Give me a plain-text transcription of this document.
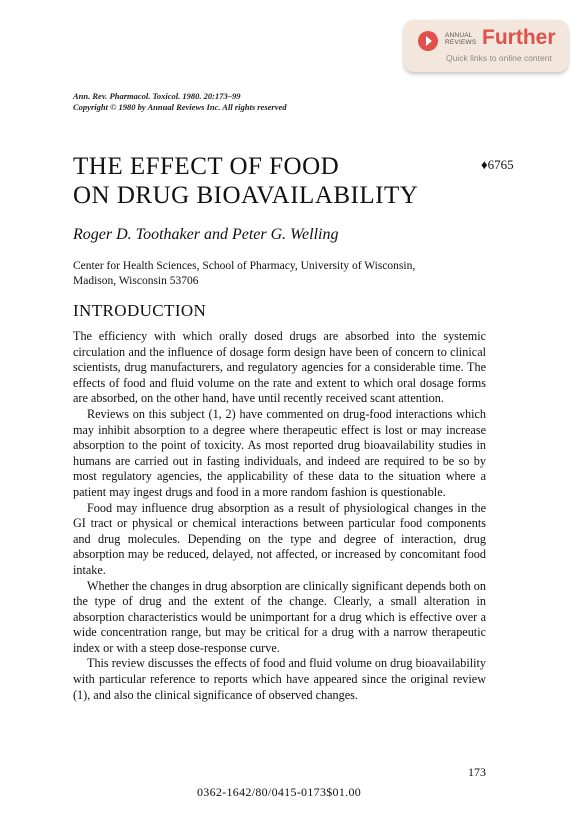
ANNUAL REVIEWS Further
Quick links to online content
Ann. Rev. Pharmacol. Toxicol. 1980. 20:173–99
Copyright © 1980 by Annual Reviews Inc. All rights reserved
THE EFFECT OF FOOD
ON DRUG BIOAVAILABILITY
♦6765
Roger D. Toothaker and Peter G. Welling
Center for Health Sciences, School of Pharmacy, University of Wisconsin,
Madison, Wisconsin 53706
INTRODUCTION

The efficiency with which orally dosed drugs are absorbed into the systemic circulation and the influence of dosage form design have been of concern to clinical scientists, drug manufacturers, and regulatory agencies for a considerable time. The effects of food and fluid volume on the rate and extent to which oral dosage forms are absorbed, on the other hand, have until recently received scant attention.

Reviews on this subject (1, 2) have commented on drug-food interactions which may inhibit absorption to a degree where therapeutic effect is lost or may increase absorption to the point of toxicity. As most reported drug bioavailability studies in humans are carried out in fasting individuals, and indeed are required to be so by most regulatory agencies, the applicability of these data to the situation where a patient may ingest drugs and food in a more random fashion is questionable.

Food may influence drug absorption as a result of physiological changes in the GI tract or physical or chemical interactions between particular food components and drug molecules. Depending on the type and degree of interaction, drug absorption may be reduced, delayed, not affected, or increased by concomitant food intake.

Whether the changes in drug absorption are clinically significant depends both on the type of drug and the extent of the change. Clearly, a small alteration in absorption characteristics would be unimportant for a drug which is effective over a wide concentration range, but may be critical for a drug with a narrow therapeutic index or with a steep dose-response curve.

This review discusses the effects of food and fluid volume on drug bioavailability with particular reference to reports which have appeared since the original review (1), and also the clinical significance of observed changes.

173
0362-1642/80/0415-0173$01.00
